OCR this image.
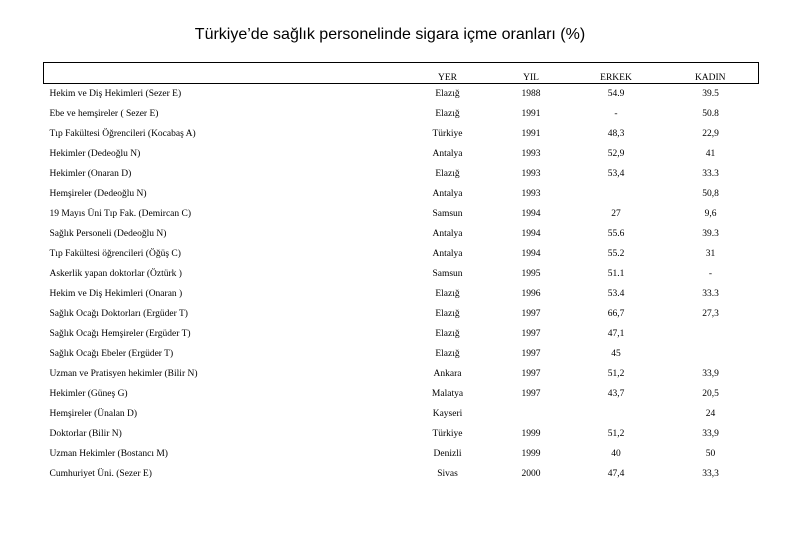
Türkiye’de sağlık personelinde sigara içme oranları (%)
	YER	YIL	ERKEK	KADIN
Hekim ve Diş Hekimleri (Sezer E)	Elazığ	1988	54.9	39.5
Ebe ve hemşireler ( Sezer E)	Elazığ	1991	-	50.8
Tıp Fakültesi Öğrencileri (Kocabaş A)	Türkiye	1991	48,3	22,9
Hekimler (Dedeoğlu N)	Antalya	1993	52,9	41
Hekimler (Onaran D)	Elazığ	1993	53,4	33.3
Hemşireler (Dedeoğlu N)	Antalya	1993		50,8
19 Mayıs Üni Tıp Fak. (Demircan C)	Samsun	1994	27	9,6
Sağlık Personeli (Dedeoğlu N)	Antalya	1994	55.6	39.3
Tıp Fakültesi öğrencileri (Öğüş C)	Antalya	1994	55.2	31
Askerlik yapan doktorlar (Öztürk )	Samsun	1995	51.1	-
Hekim ve Diş Hekimleri (Onaran )	Elazığ	1996	53.4	33.3
Sağlık Ocağı Doktorları (Ergüder T)	Elazığ	1997	66,7	27,3
Sağlık Ocağı Hemşireler (Ergüder T)	Elazığ	1997	47,1	
Sağlık Ocağı Ebeler (Ergüder T)	Elazığ	1997	45	
Uzman ve Pratisyen hekimler (Bilir N)	Ankara	1997	51,2	33,9
Hekimler (Güneş G)	Malatya	1997	43,7	20,5
Hemşireler (Ünalan D)	Kayseri			24
Doktorlar (Bilir N)	Türkiye	1999	51,2	33,9
Uzman Hekimler (Bostancı M)	Denizli	1999	40	50
Cumhuriyet Üni. (Sezer E)	Sivas	2000	47,4	33,3
